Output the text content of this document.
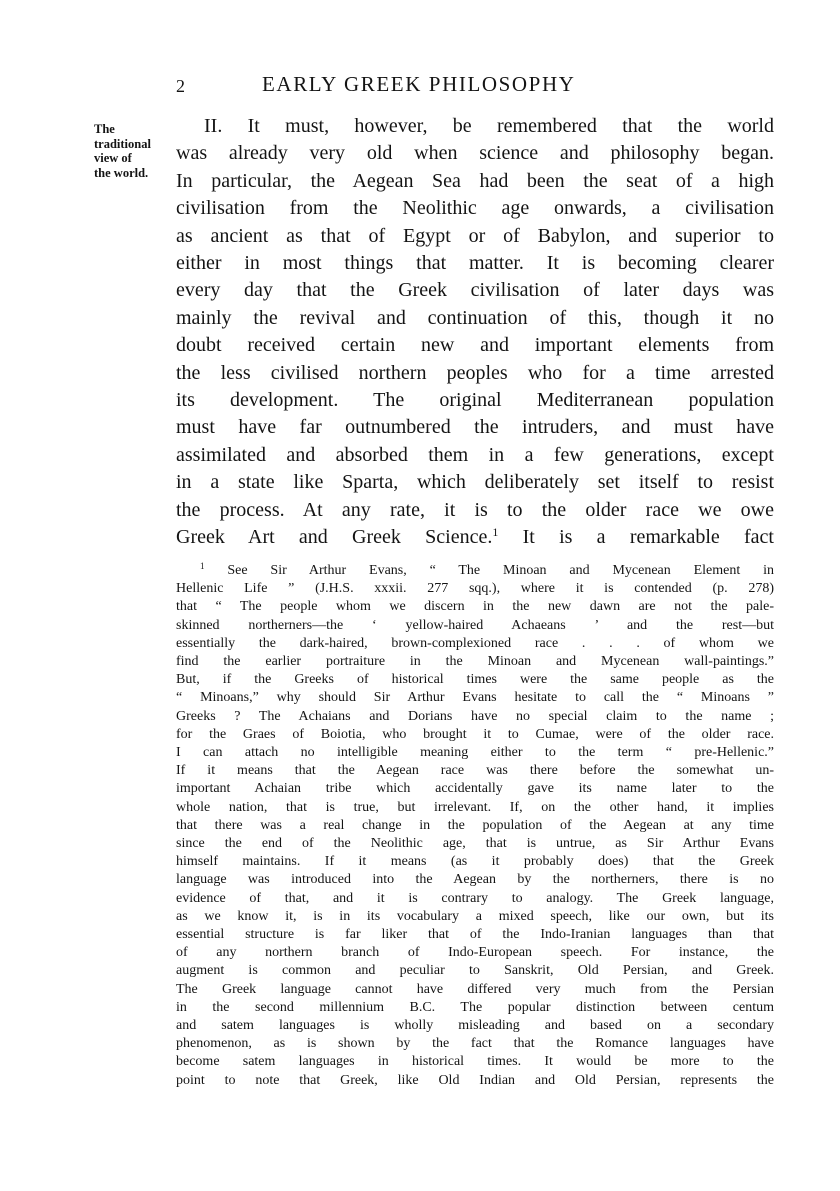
2	EARLY GREEK PHILOSOPHY
The
traditional
view of
the world.
II. It must, however, be remembered that the world
was already very old when science and philosophy began.
In particular, the Aegean Sea had been the seat of a high
civilisation from the Neolithic age onwards, a civilisation
as ancient as that of Egypt or of Babylon, and superior to
either in most things that matter. It is becoming clearer
every day that the Greek civilisation of later days was
mainly the revival and continuation of this, though it no
doubt received certain new and important elements from
the less civilised northern peoples who for a time arrested
its development. The original Mediterranean population
must have far outnumbered the intruders, and must have
assimilated and absorbed them in a few generations, except
in a state like Sparta, which deliberately set itself to resist
the process. At any rate, it is to the older race we owe
Greek Art and Greek Science.$^1$ It is a remarkable fact
$^1$ See Sir Arthur Evans, “ The Minoan and Mycenean Element in
Hellenic Life ” (J.H.S. xxxii. 277 sqq.), where it is contended (p. 278)
that “ The people whom we discern in the new dawn are not the pale-
skinned northerners—the ‘ yellow-haired Achaeans ’ and the rest—but
essentially the dark-haired, brown-complexioned race . . . of whom we
find the earlier portraiture in the Minoan and Mycenean wall-paintings.”
But, if the Greeks of historical times were the same people as the
“ Minoans,” why should Sir Arthur Evans hesitate to call the “ Minoans ”
Greeks ? The Achaians and Dorians have no special claim to the name ;
for the Graes of Boiotia, who brought it to Cumae, were of the older race.
I can attach no intelligible meaning either to the term “ pre-Hellenic.”
If it means that the Aegean race was there before the somewhat un-
important Achaian tribe which accidentally gave its name later to the
whole nation, that is true, but irrelevant. If, on the other hand, it implies
that there was a real change in the population of the Aegean at any time
since the end of the Neolithic age, that is untrue, as Sir Arthur Evans
himself maintains. If it means (as it probably does) that the Greek
language was introduced into the Aegean by the northerners, there is no
evidence of that, and it is contrary to analogy. The Greek language,
as we know it, is in its vocabulary a mixed speech, like our own, but its
essential structure is far liker that of the Indo-Iranian languages than that
of any northern branch of Indo-European speech. For instance, the
augment is common and peculiar to Sanskrit, Old Persian, and Greek.
The Greek language cannot have differed very much from the Persian
in the second millennium B.C. The popular distinction between centum
and satem languages is wholly misleading and based on a secondary
phenomenon, as is shown by the fact that the Romance languages have
become satem languages in historical times. It would be more to the
point to note that Greek, like Old Indian and Old Persian, represents the
